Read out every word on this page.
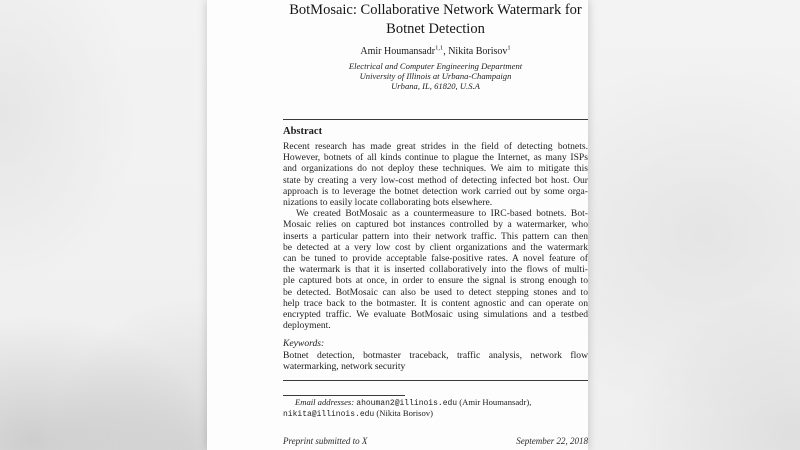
BotMosaic: Collaborative Network Watermark for
Botnet Detection
Amir Houmansadr$^{1,1}$, Nikita Borisov$^1$
Electrical and Computer Engineering Department
University of Illinois at Urbana-Champaign
Urbana, IL, 61820, U.S.A
Abstract
Recent research has made great strides in the field of detecting botnets.
However, botnets of all kinds continue to plague the Internet, as many ISPs
and organizations do not deploy these techniques. We aim to mitigate this
state by creating a very low-cost method of detecting infected bot host. Our
approach is to leverage the botnet detection work carried out by some orga-
nizations to easily locate collaborating bots elsewhere.
We created BotMosaic as a countermeasure to IRC-based botnets. Bot-
Mosaic relies on captured bot instances controlled by a watermarker, who
inserts a particular pattern into their network traffic. This pattern can then
be detected at a very low cost by client organizations and the watermark
can be tuned to provide acceptable false-positive rates. A novel feature of
the watermark is that it is inserted collaboratively into the flows of multi-
ple captured bots at once, in order to ensure the signal is strong enough to
be detected. BotMosaic can also be used to detect stepping stones and to
help trace back to the botmaster. It is content agnostic and can operate on
encrypted traffic. We evaluate BotMosaic using simulations and a testbed
deployment.
Keywords:
Botnet detection, botmaster traceback, traffic analysis, network flow
watermarking, network security
Email addresses: ahouman2@illinois.edu (Amir Houmansadr),
nikita@illinois.edu (Nikita Borisov)
Preprint submitted to X	September 22, 2018
